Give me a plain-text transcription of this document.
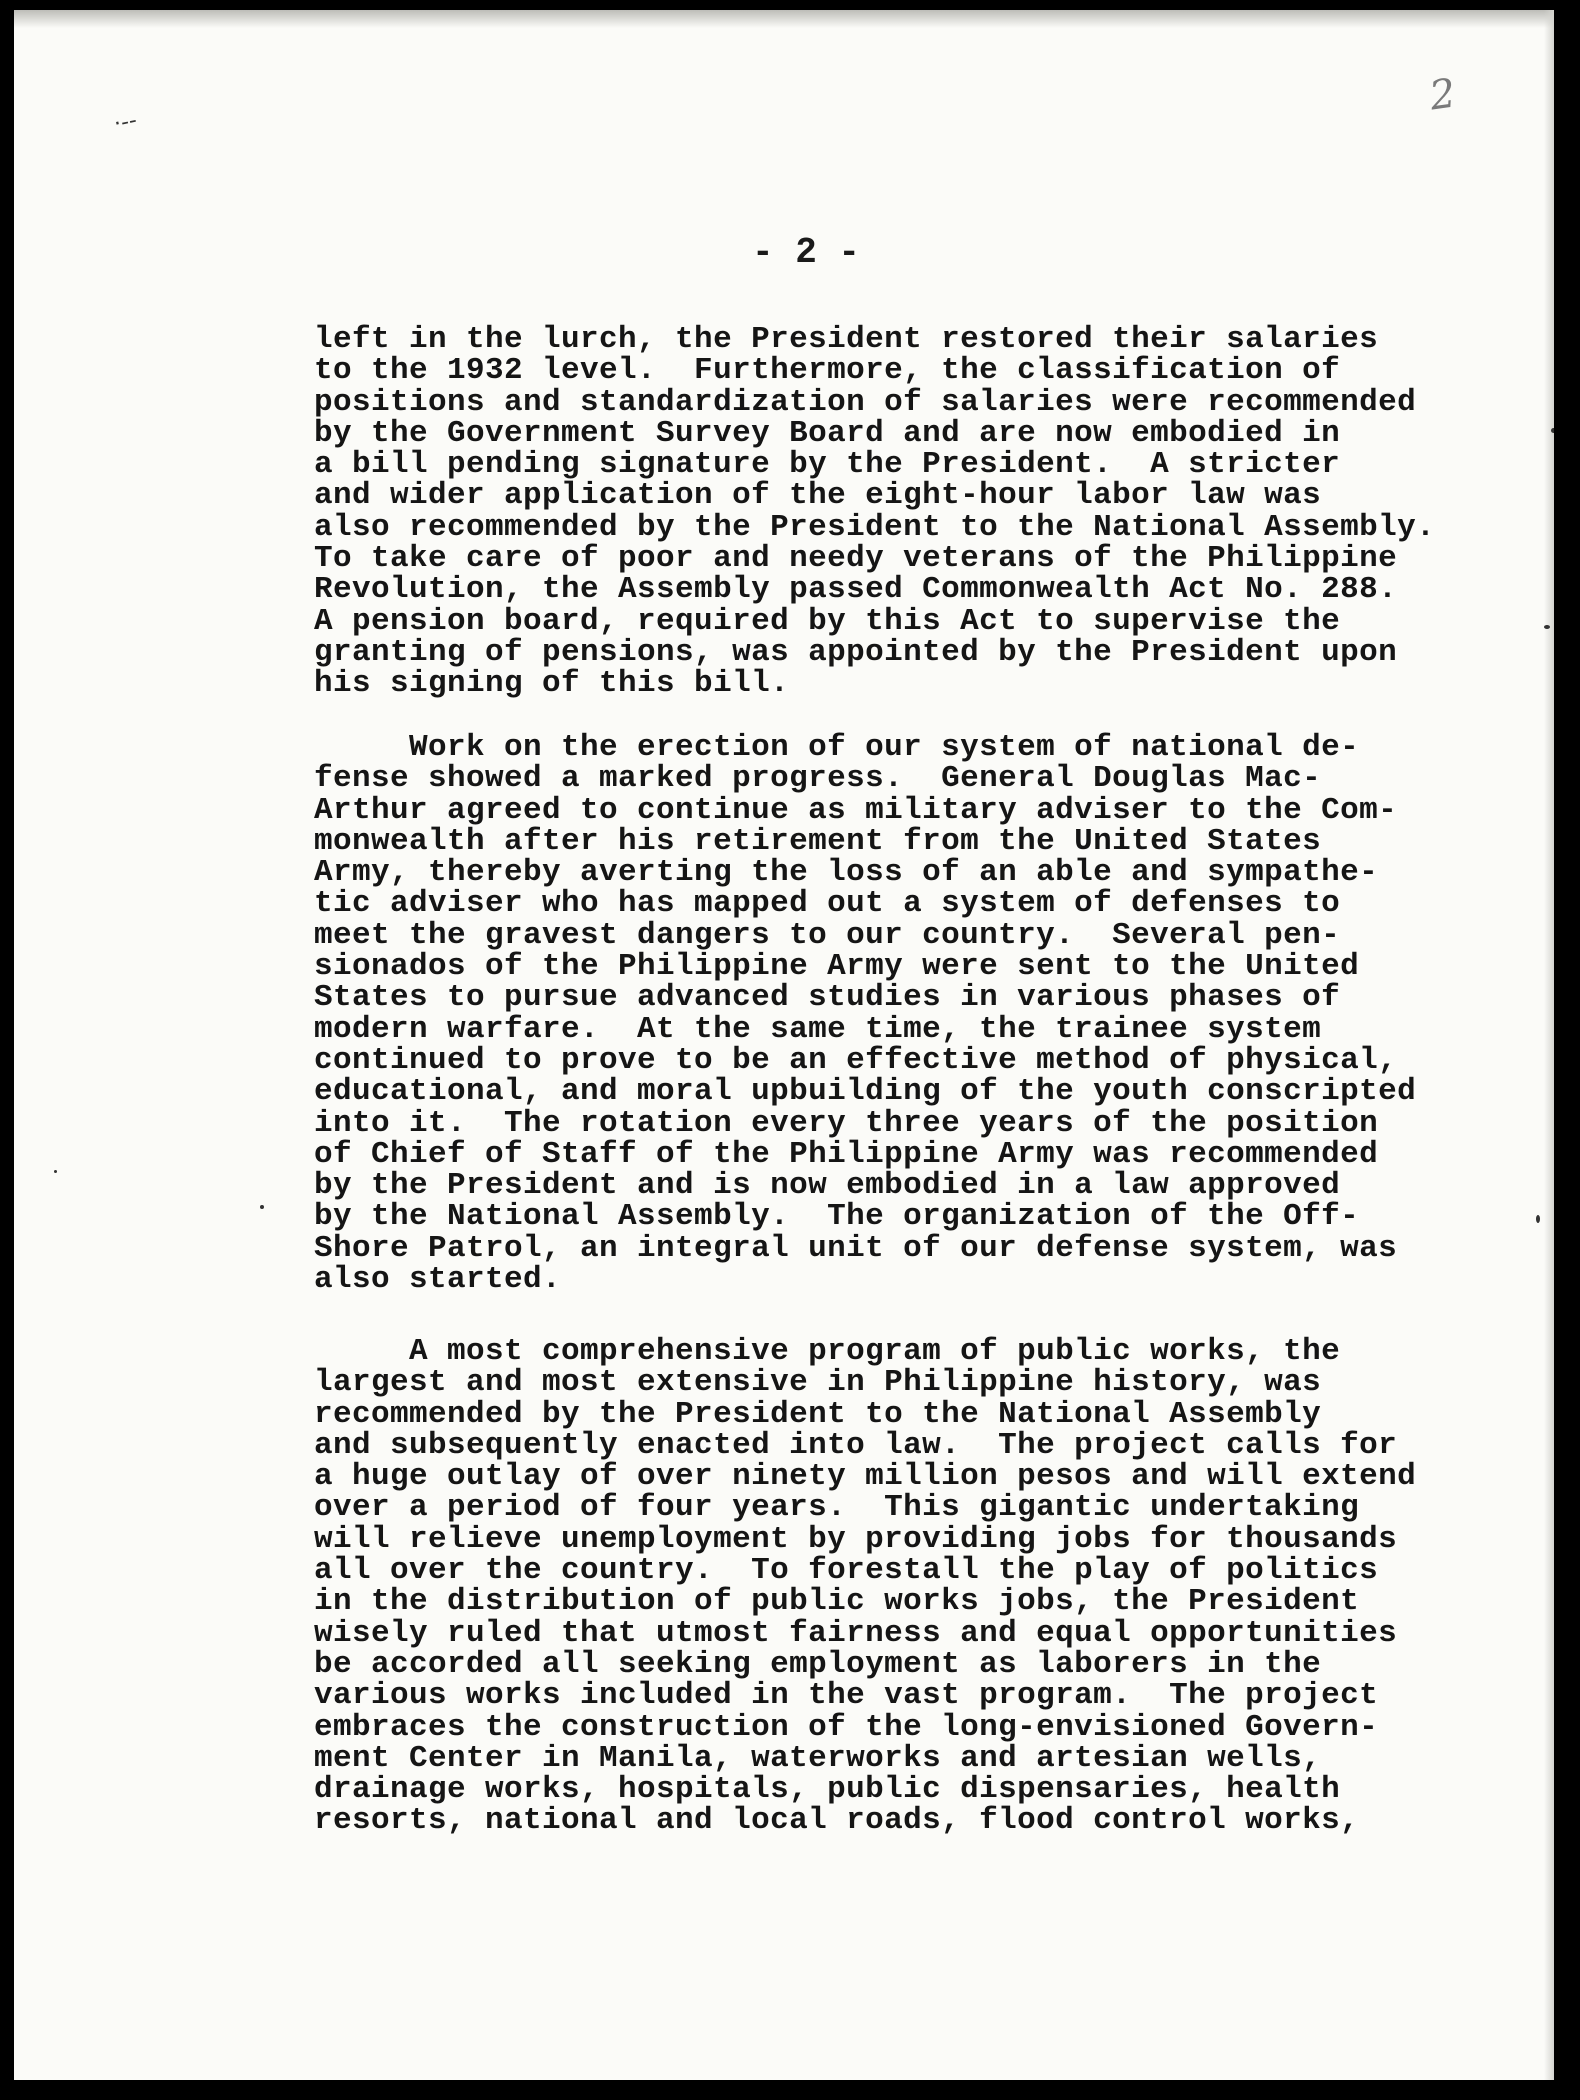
·--
2
- 2 -
left in the lurch, the President restored their salaries
to the 1932 level.  Furthermore, the classification of
positions and standardization of salaries were recommended
by the Government Survey Board and are now embodied in
a bill pending signature by the President.  A stricter
and wider application of the eight-hour labor law was
also recommended by the President to the National Assembly.
To take care of poor and needy veterans of the Philippine
Revolution, the Assembly passed Commonwealth Act No. 288.
A pension board, required by this Act to supervise the
granting of pensions, was appointed by the President upon
his signing of this bill.
Work on the erection of our system of national de-
fense showed a marked progress.  General Douglas Mac-
Arthur agreed to continue as military adviser to the Com-
monwealth after his retirement from the United States
Army, thereby averting the loss of an able and sympathe-
tic adviser who has mapped out a system of defenses to
meet the gravest dangers to our country.  Several pen-
sionados of the Philippine Army were sent to the United
States to pursue advanced studies in various phases of
modern warfare.  At the same time, the trainee system
continued to prove to be an effective method of physical,
educational, and moral upbuilding of the youth conscripted
into it.  The rotation every three years of the position
of Chief of Staff of the Philippine Army was recommended
by the President and is now embodied in a law approved
by the National Assembly.  The organization of the Off-
Shore Patrol, an integral unit of our defense system, was
also started.
A most comprehensive program of public works, the
largest and most extensive in Philippine history, was
recommended by the President to the National Assembly
and subsequently enacted into law.  The project calls for
a huge outlay of over ninety million pesos and will extend
over a period of four years.  This gigantic undertaking
will relieve unemployment by providing jobs for thousands
all over the country.  To forestall the play of politics
in the distribution of public works jobs, the President
wisely ruled that utmost fairness and equal opportunities
be accorded all seeking employment as laborers in the
various works included in the vast program.  The project
embraces the construction of the long-envisioned Govern-
ment Center in Manila, waterworks and artesian wells,
drainage works, hospitals, public dispensaries, health
resorts, national and local roads, flood control works,
